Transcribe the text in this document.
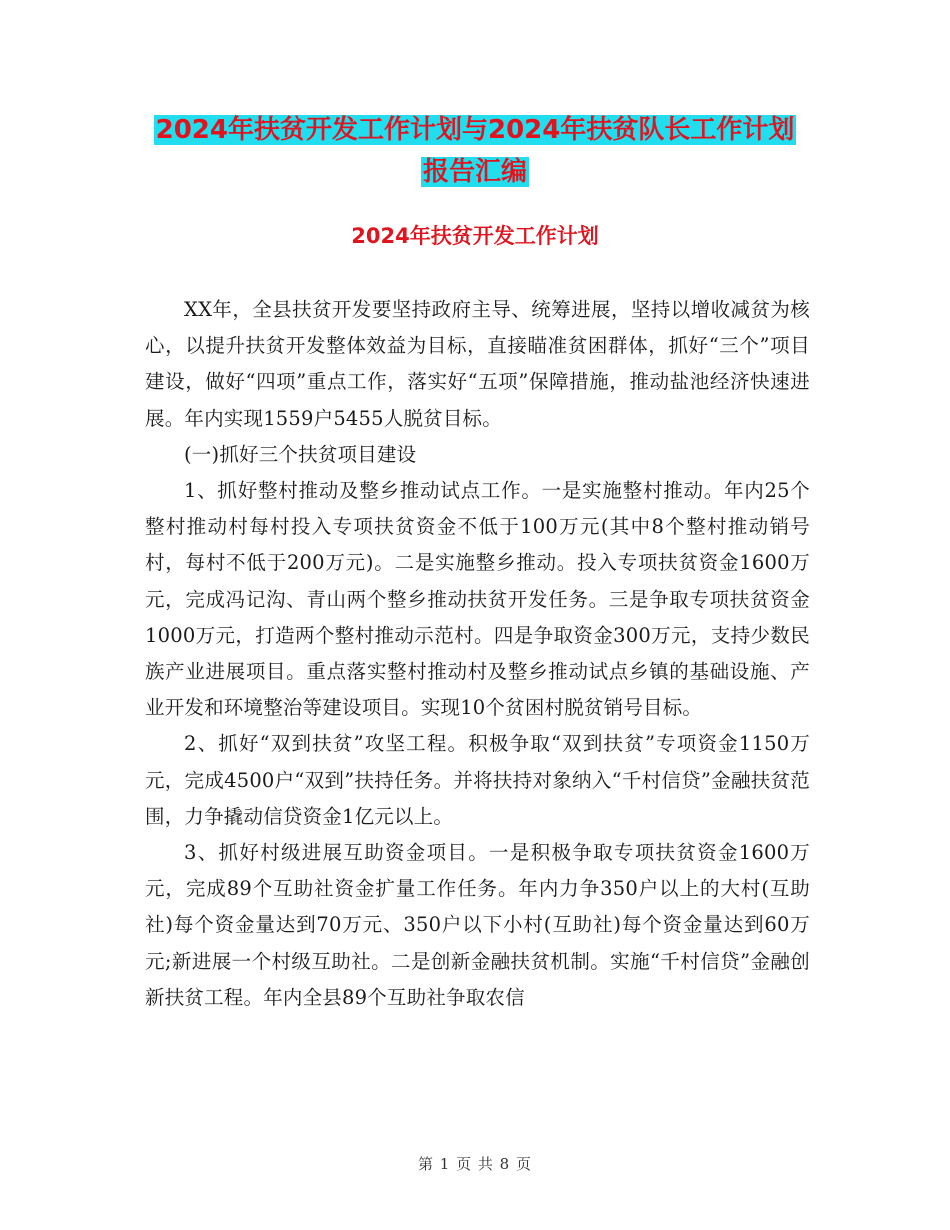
2024年扶贫开发工作计划与2024年扶贫队长工作计划
报告汇编
2024年扶贫开发工作计划

XX年，全县扶贫开发要坚持政府主导、统筹进展，坚持以增收减贫为核心，以提升扶贫开发整体效益为目标，直接瞄准贫困群体，抓好“三个”项目建设，做好“四项”重点工作，落实好“五项”保障措施，推动盐池经济快速进展。年内实现1559户5455人脱贫目标。

(一)抓好三个扶贫项目建设

1、抓好整村推动及整乡推动试点工作。一是实施整村推动。年内25个整村推动村每村投入专项扶贫资金不低于100万元(其中8个整村推动销号村，每村不低于200万元)。二是实施整乡推动。投入专项扶贫资金1600万元，完成冯记沟、青山两个整乡推动扶贫开发任务。三是争取专项扶贫资金1000万元，打造两个整村推动示范村。四是争取资金300万元，支持少数民族产业进展项目。重点落实整村推动村及整乡推动试点乡镇的基础设施、产业开发和环境整治等建设项目。实现10个贫困村脱贫销号目标。

2、抓好“双到扶贫”攻坚工程。积极争取“双到扶贫”专项资金1150万元，完成4500户“双到”扶持任务。并将扶持对象纳入“千村信贷”金融扶贫范围，力争撬动信贷资金1亿元以上。

3、抓好村级进展互助资金项目。一是积极争取专项扶贫资金1600万元，完成89个互助社资金扩量工作任务。年内力争350户以上的大村(互助社)每个资金量达到70万元、350户以下小村(互助社)每个资金量达到60万元;新进展一个村级互助社。二是创新金融扶贫机制。实施“千村信贷”金融创新扶贫工程。年内全县89个互助社争取农信

第 1 页 共 8 页
